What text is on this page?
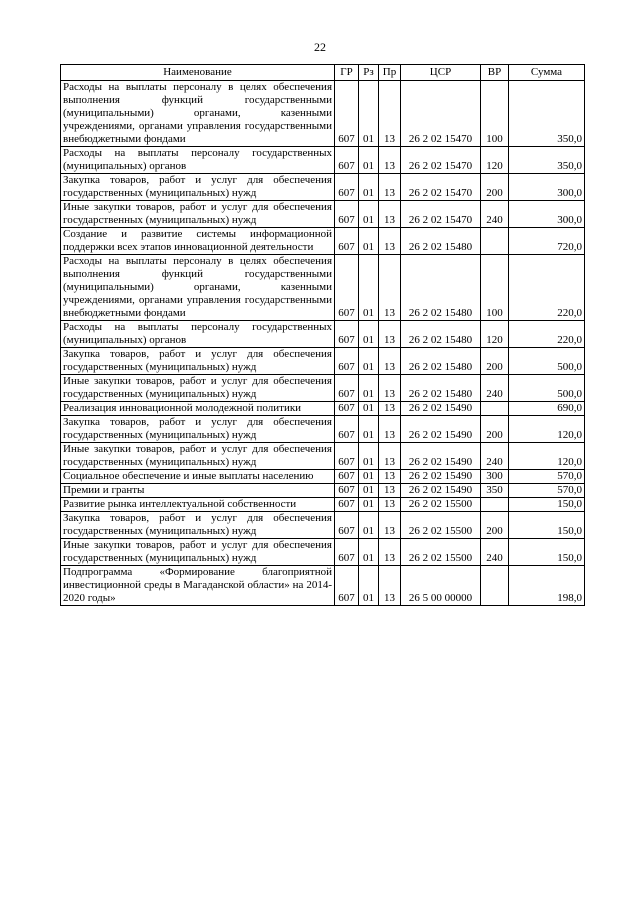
22
Наименование	ГР	Рз	Пр	ЦСР	ВР	Сумма
Расходы на выплаты персоналу в целях обеспечения выполнения функций государственными (муниципальными) органами, казенными учреждениями, органами управления государственными внебюджетными фондами	607	01	13	26 2 02 15470	100	350,0
Расходы на выплаты персоналу государственных (муниципальных) органов	607	01	13	26 2 02 15470	120	350,0
Закупка товаров, работ и услуг для обеспечения государственных (муниципальных) нужд	607	01	13	26 2 02 15470	200	300,0
Иные закупки товаров, работ и услуг для обеспечения государственных (муниципальных) нужд	607	01	13	26 2 02 15470	240	300,0
Создание и развитие системы информационной поддержки всех этапов инновационной деятельности	607	01	13	26 2 02 15480		720,0
Расходы на выплаты персоналу в целях обеспечения выполнения функций государственными (муниципальными) органами, казенными учреждениями, органами управления государственными внебюджетными фондами	607	01	13	26 2 02 15480	100	220,0
Расходы на выплаты персоналу государственных (муниципальных) органов	607	01	13	26 2 02 15480	120	220,0
Закупка товаров, работ и услуг для обеспечения государственных (муниципальных) нужд	607	01	13	26 2 02 15480	200	500,0
Иные закупки товаров, работ и услуг для обеспечения государственных (муниципальных) нужд	607	01	13	26 2 02 15480	240	500,0
Реализация инновационной молодежной политики	607	01	13	26 2 02 15490		690,0
Закупка товаров, работ и услуг для обеспечения государственных (муниципальных) нужд	607	01	13	26 2 02 15490	200	120,0
Иные закупки товаров, работ и услуг для обеспечения государственных (муниципальных) нужд	607	01	13	26 2 02 15490	240	120,0
Социальное обеспечение и иные выплаты населению	607	01	13	26 2 02 15490	300	570,0
Премии и гранты	607	01	13	26 2 02 15490	350	570,0
Развитие рынка интеллектуальной собственности	607	01	13	26 2 02 15500		150,0
Закупка товаров, работ и услуг для обеспечения государственных (муниципальных) нужд	607	01	13	26 2 02 15500	200	150,0
Иные закупки товаров, работ и услуг для обеспечения государственных (муниципальных) нужд	607	01	13	26 2 02 15500	240	150,0
Подпрограмма «Формирование благоприятной инвестиционной среды в Магаданской области» на 2014-2020 годы»	607	01	13	26 5 00 00000		198,0
